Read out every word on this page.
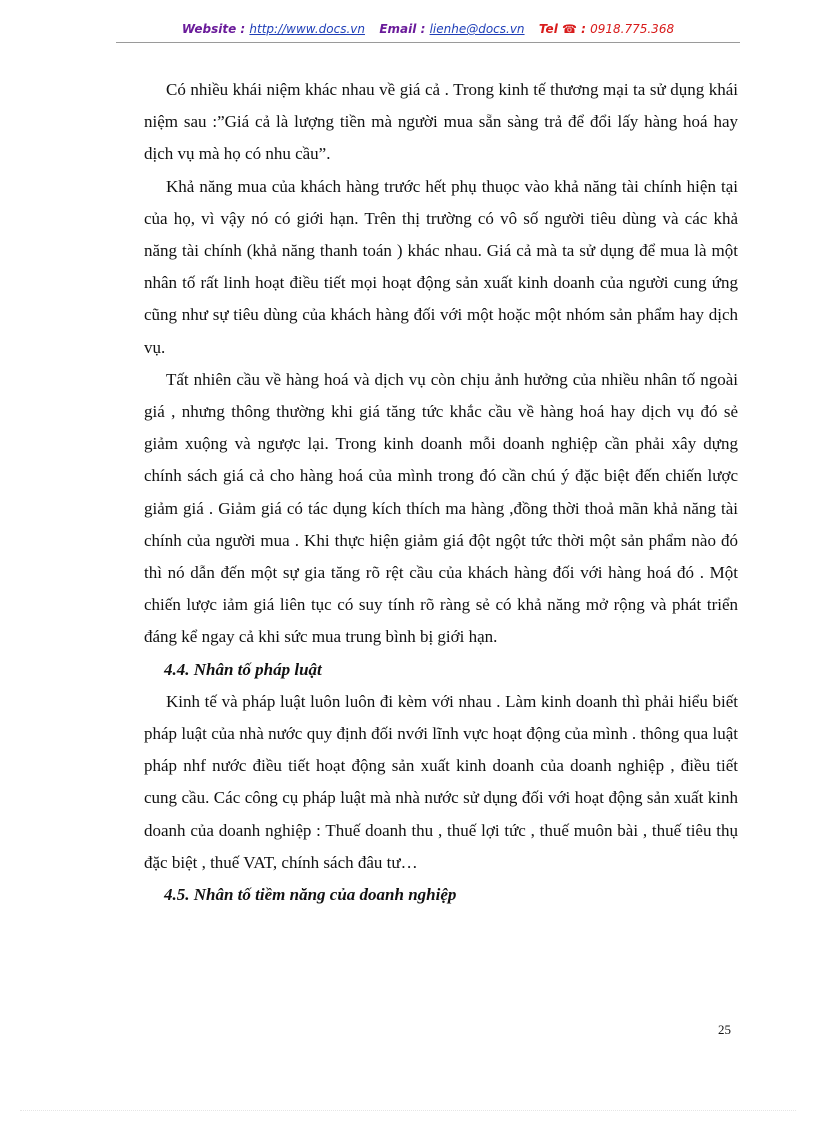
Website : http://www.docs.vn Email : lienhe@docs.vn Tel ☎ : 0918.775.368

Có nhiều khái niệm khác nhau về giá cả . Trong kinh tế thương mại ta sử dụng khái niệm sau :”Giá cả là lượng tiền mà người mua sẵn sàng trả để đổi lấy hàng hoá hay dịch vụ mà họ có nhu cầu”.

Khả năng mua của khách hàng trước hết phụ thuọc vào khả năng tài chính hiện tại của họ, vì vậy nó có giới hạn. Trên thị trường có vô số người tiêu dùng và các khả năng tài chính (khả năng thanh toán ) khác nhau. Giá cả mà ta sử dụng để mua là một nhân tố rất linh hoạt điều tiết mọi hoạt động sản xuất kinh doanh của người cung ứng cũng như sự tiêu dùng của khách hàng đối với một hoặc một nhóm sản phẩm hay dịch vụ.

Tất nhiên cầu về hàng hoá và dịch vụ còn chịu ảnh hưởng của nhiều nhân tố ngoài giá , nhưng thông thường khi giá tăng tức khắc cầu về hàng hoá hay dịch vụ đó sẻ giảm xuộng và ngược lại. Trong kinh doanh mỗi doanh nghiệp cần phải xây dựng chính sách giá cả cho hàng hoá của mình trong đó cần chú ý đặc biệt đến chiến lược giảm giá . Giảm giá có tác dụng kích thích ma hàng ,đồng thời thoả mãn khả năng tài chính của người mua . Khi thực hiện giảm giá đột ngột tức thời một sản phẩm nào đó thì nó dẫn đến một sự gia tăng rõ rệt cầu của khách hàng đối với hàng hoá đó . Một chiến lược iảm giá liên tục có suy tính rõ ràng sẻ có khả năng mở rộng và phát triển đáng kể ngay cả khi sức mua trung bình bị giới hạn.

4.4. Nhân tố pháp luật

Kinh tế và pháp luật luôn luôn đi kèm với nhau . Làm kinh doanh thì phải hiểu biết pháp luật của nhà nước quy định đối nvới lĩnh vực hoạt động của mình . thông qua luật pháp nhf nước điều tiết hoạt động sản xuất kinh doanh của doanh nghiệp , điều tiết cung cầu. Các công cụ pháp luật mà nhà nước sử dụng đối với hoạt động sản xuất kinh doanh của doanh nghiệp : Thuế doanh thu , thuế lợi tức , thuế muôn bài , thuế tiêu thụ đặc biệt , thuế VAT, chính sách đâu tư…

4.5. Nhân tố tiềm năng của doanh nghiệp
25
